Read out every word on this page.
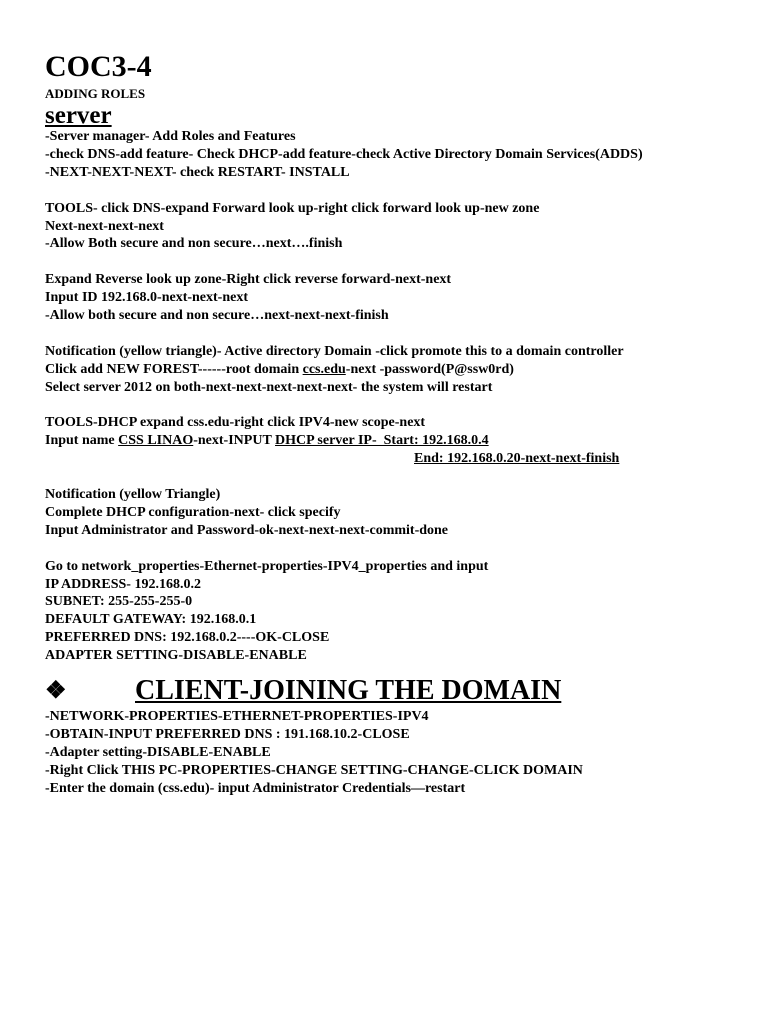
COC3-4
ADDING ROLES
server
-Server manager- Add Roles and Features
-check DNS-add feature- Check DHCP-add feature-check Active Directory Domain Services(ADDS)
-NEXT-NEXT-NEXT- check RESTART- INSTALL
TOOLS- click DNS-expand Forward look up-right click forward look up-new zone
Next-next-next-next
-Allow Both secure and non secure…next….finish
Expand Reverse look up zone-Right click reverse forward-next-next
Input ID 192.168.0-next-next-next
-Allow both secure and non secure…next-next-next-finish
Notification (yellow triangle)- Active directory Domain -click promote this to a domain controller
Click add NEW FOREST------root domain ccs.edu-next -password(P@ssw0rd)
Select server 2012 on both-next-next-next-next-next- the system will restart
TOOLS-DHCP expand css.edu-right click IPV4-new scope-next
Input name CSS LINAO-next-INPUT DHCP server IP-  Start: 192.168.0.4
End: 192.168.0.20-next-next-finish
Notification (yellow Triangle)
Complete DHCP configuration-next- click specify
Input Administrator and Password-ok-next-next-next-commit-done
Go to network_properties-Ethernet-properties-IPV4_properties and input
IP ADDRESS- 192.168.0.2
SUBNET: 255-255-255-0
DEFAULT GATEWAY: 192.168.0.1
PREFERRED DNS: 192.168.0.2----OK-CLOSE
ADAPTER SETTING-DISABLE-ENABLE
❖	CLIENT-JOINING THE DOMAIN
-NETWORK-PROPERTIES-ETHERNET-PROPERTIES-IPV4
-OBTAIN-INPUT PREFERRED DNS : 191.168.10.2-CLOSE
-Adapter setting-DISABLE-ENABLE
-Right Click THIS PC-PROPERTIES-CHANGE SETTING-CHANGE-CLICK DOMAIN
-Enter the domain (css.edu)- input Administrator Credentials—restart
